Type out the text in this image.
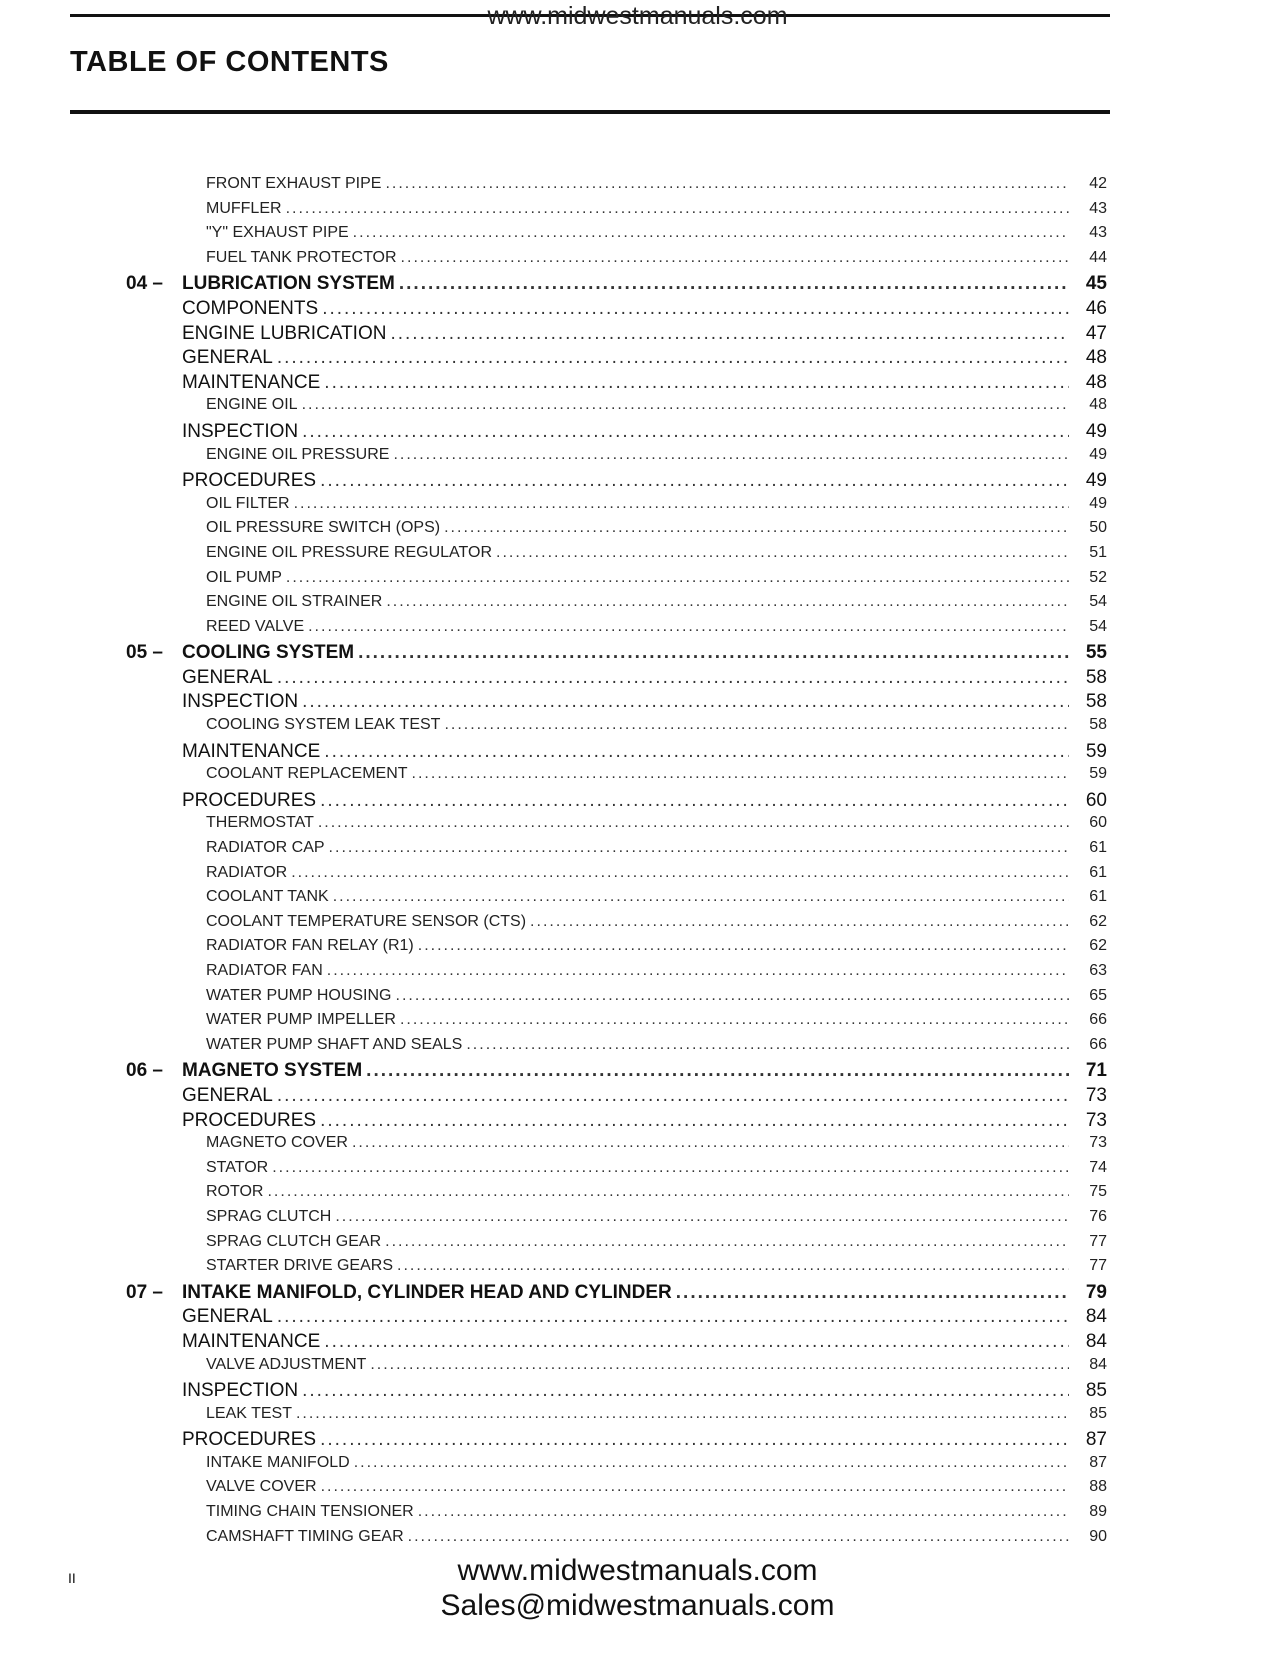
www.midwestmanuals.com
TABLE OF CONTENTS
FRONT EXHAUST PIPE .....	42
MUFFLER .....	43
"Y" EXHAUST PIPE .....	43
FUEL TANK PROTECTOR .....	44
04 – LUBRICATION SYSTEM .....	45
COMPONENTS .....	46
ENGINE LUBRICATION .....	47
GENERAL .....	48
MAINTENANCE .....	48
ENGINE OIL .....	48
INSPECTION .....	49
ENGINE OIL PRESSURE .....	49
PROCEDURES .....	49
OIL FILTER .....	49
OIL PRESSURE SWITCH (OPS) .....	50
ENGINE OIL PRESSURE REGULATOR .....	51
OIL PUMP .....	52
ENGINE OIL STRAINER .....	54
REED VALVE .....	54
05 – COOLING SYSTEM .....	55
GENERAL .....	58
INSPECTION .....	58
COOLING SYSTEM LEAK TEST .....	58
MAINTENANCE .....	59
COOLANT REPLACEMENT .....	59
PROCEDURES .....	60
THERMOSTAT .....	60
RADIATOR CAP .....	61
RADIATOR .....	61
COOLANT TANK .....	61
COOLANT TEMPERATURE SENSOR (CTS) .....	62
RADIATOR FAN RELAY (R1) .....	62
RADIATOR FAN .....	63
WATER PUMP HOUSING .....	65
WATER PUMP IMPELLER .....	66
WATER PUMP SHAFT AND SEALS .....	66
06 – MAGNETO SYSTEM .....	71
GENERAL .....	73
PROCEDURES .....	73
MAGNETO COVER .....	73
STATOR .....	74
ROTOR .....	75
SPRAG CLUTCH .....	76
SPRAG CLUTCH GEAR .....	77
STARTER DRIVE GEARS .....	77
07 – INTAKE MANIFOLD, CYLINDER HEAD AND CYLINDER .....	79
GENERAL .....	84
MAINTENANCE .....	84
VALVE ADJUSTMENT .....	84
INSPECTION .....	85
LEAK TEST .....	85
PROCEDURES .....	87
INTAKE MANIFOLD .....	87
VALVE COVER .....	88
TIMING CHAIN TENSIONER .....	89
CAMSHAFT TIMING GEAR .....	90
II	www.midwestmanuals.com
Sales@midwestmanuals.com
